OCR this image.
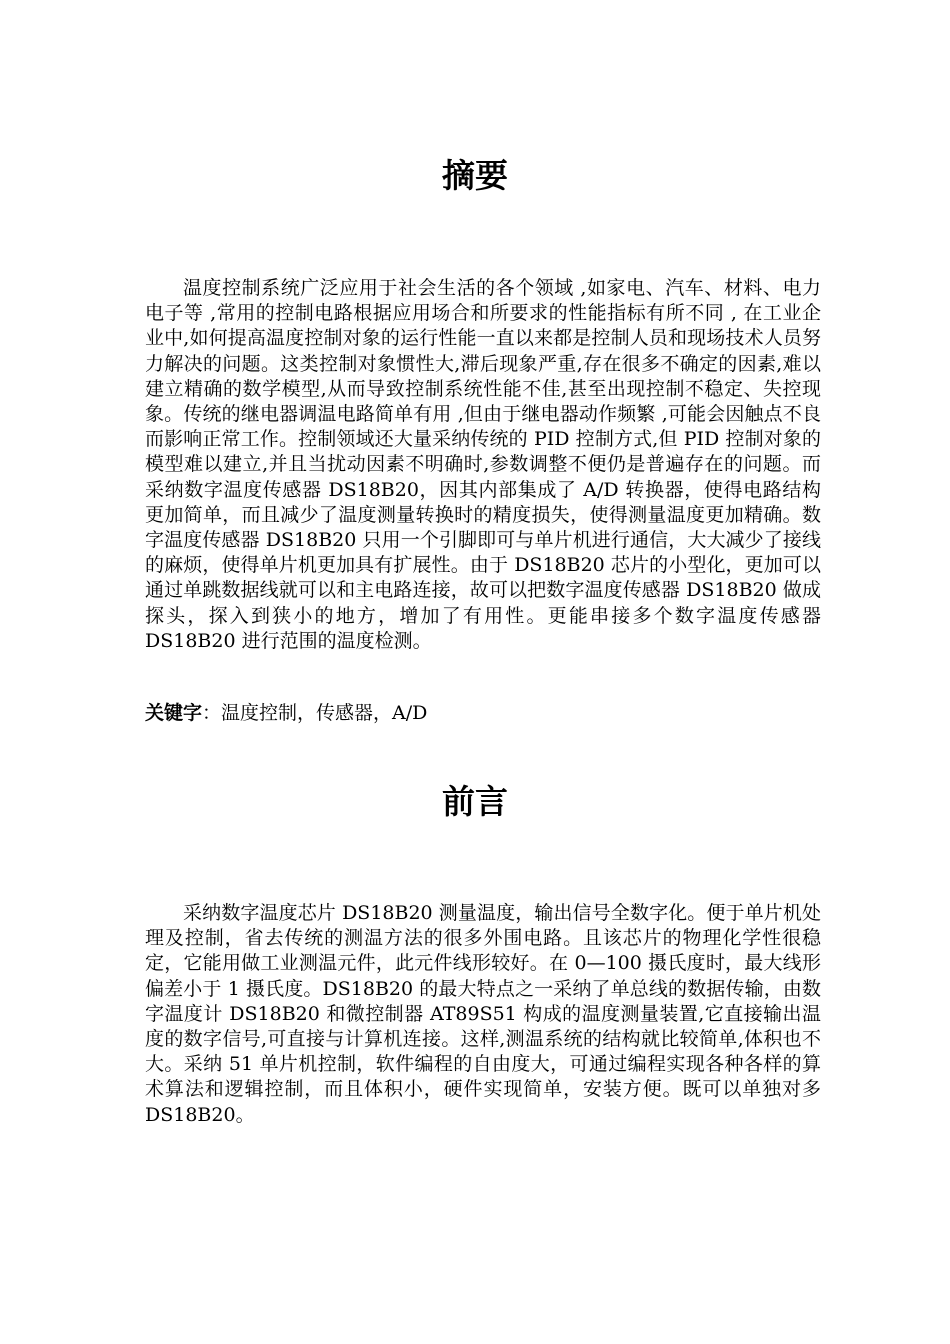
摘要

温度控制系统广泛应用于社会生活的各个领域 ,如家电、汽车、材料、电力电子等 ,常用的控制电路根据应用场合和所要求的性能指标有所不同 , 在工业企业中,如何提高温度控制对象的运行性能一直以来都是控制人员和现场技术人员努力解决的问题。这类控制对象惯性大,滞后现象严重,存在很多不确定的因素,难以建立精确的数学模型,从而导致控制系统性能不佳,甚至出现控制不稳定、失控现象。传统的继电器调温电路简单有用 ,但由于继电器动作频繁 ,可能会因触点不良而影响正常工作。控制领域还大量采纳传统的 PID 控制方式,但 PID 控制对象的模型难以建立,并且当扰动因素不明确时,参数调整不便仍是普遍存在的问题。而采纳数字温度传感器 DS18B20，因其内部集成了 A/D 转换器，使得电路结构更加简单，而且减少了温度测量转换时的精度损失，使得测量温度更加精确。数字温度传感器 DS18B20 只用一个引脚即可与单片机进行通信，大大减少了接线的麻烦，使得单片机更加具有扩展性。由于 DS18B20 芯片的小型化，更加可以通过单跳数据线就可以和主电路连接，故可以把数字温度传感器 DS18B20 做成探头，探入到狭小的地方，增加了有用性。更能串接多个数字温度传感器 DS18B20 进行范围的温度检测。

关键字：温度控制，传感器，A/D
前言

采纳数字温度芯片 DS18B20 测量温度，输出信号全数字化。便于单片机处理及控制，省去传统的测温方法的很多外围电路。且该芯片的物理化学性很稳定，它能用做工业测温元件，此元件线形较好。在 0—100 摄氏度时，最大线形偏差小于 1 摄氏度。DS18B20 的最大特点之一采纳了单总线的数据传输，由数字温度计 DS18B20 和微控制器 AT89S51 构成的温度测量装置,它直接输出温度的数字信号,可直接与计算机连接。这样,测温系统的结构就比较简单,体积也不大。采纳 51 单片机控制，软件编程的自由度大，可通过编程实现各种各样的算术算法和逻辑控制，而且体积小，硬件实现简单，安装方便。既可以单独对多 DS18B20。
